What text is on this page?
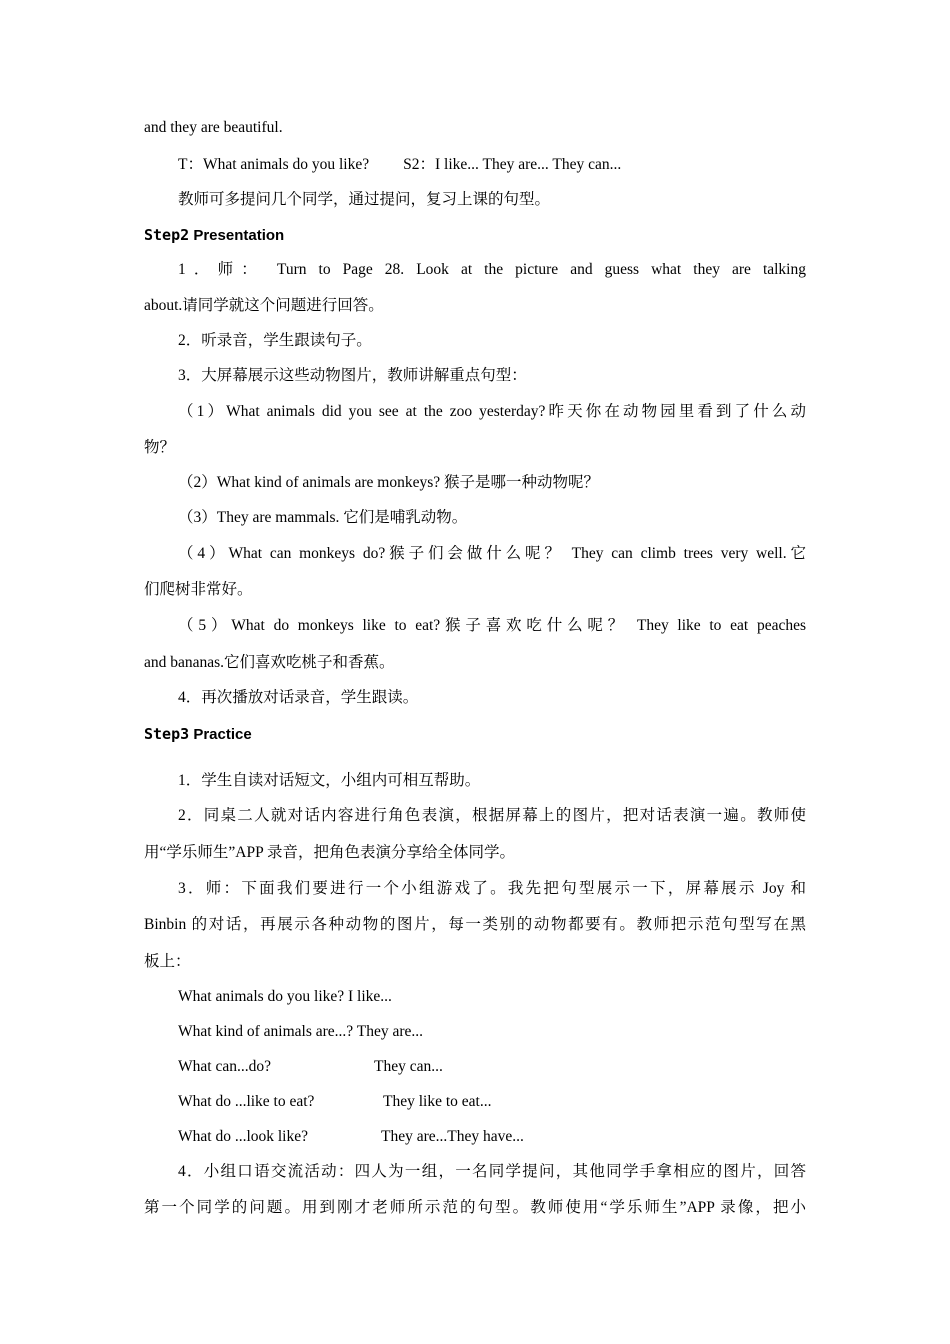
and they are beautiful.
T：What animals do you like? S2：I like... They are... They can...
教师可多提问几个同学，通过提问，复习上课的句型。
Step2 Presentation
1．师： Turn to Page 28. Look at the picture and guess what they are talking
about.请同学就这个问题进行回答。
2．听录音，学生跟读句子。
3．大屏幕展示这些动物图片，教师讲解重点句型：
（1）What animals did you see at the zoo yesterday?昨天你在动物园里看到了什么动
物？
（2）What kind of animals are monkeys? 猴子是哪一种动物呢？
（3）They are mammals. 它们是哺乳动物。
（4）What can monkeys do?猴子们会做什么呢？ They can climb trees very well.它
们爬树非常好。
（5）What do monkeys like to eat?猴子喜欢吃什么呢？ They like to eat peaches
and bananas.它们喜欢吃桃子和香蕉。
4．再次播放对话录音，学生跟读。
Step3 Practice
1．学生自读对话短文，小组内可相互帮助。
2．同桌二人就对话内容进行角色表演，根据屏幕上的图片，把对话表演一遍。教师使
用“学乐师生”APP 录音，把角色表演分享给全体同学。
3．师：下面我们要进行一个小组游戏了。我先把句型展示一下，屏幕展示 Joy 和
Binbin 的对话，再展示各种动物的图片，每一类别的动物都要有。教师把示范句型写在黑
板上：
What animals do you like? I like...
What kind of animals are...? They are...
What can...do?	They can...
What do ...like to eat?	They like to eat...
What do ...look like?	They are...They have...
4．小组口语交流活动：四人为一组，一名同学提问，其他同学手拿相应的图片，回答
第一个同学的问题。用到刚才老师所示范的句型。教师使用“学乐师生”APP 录像，把小
